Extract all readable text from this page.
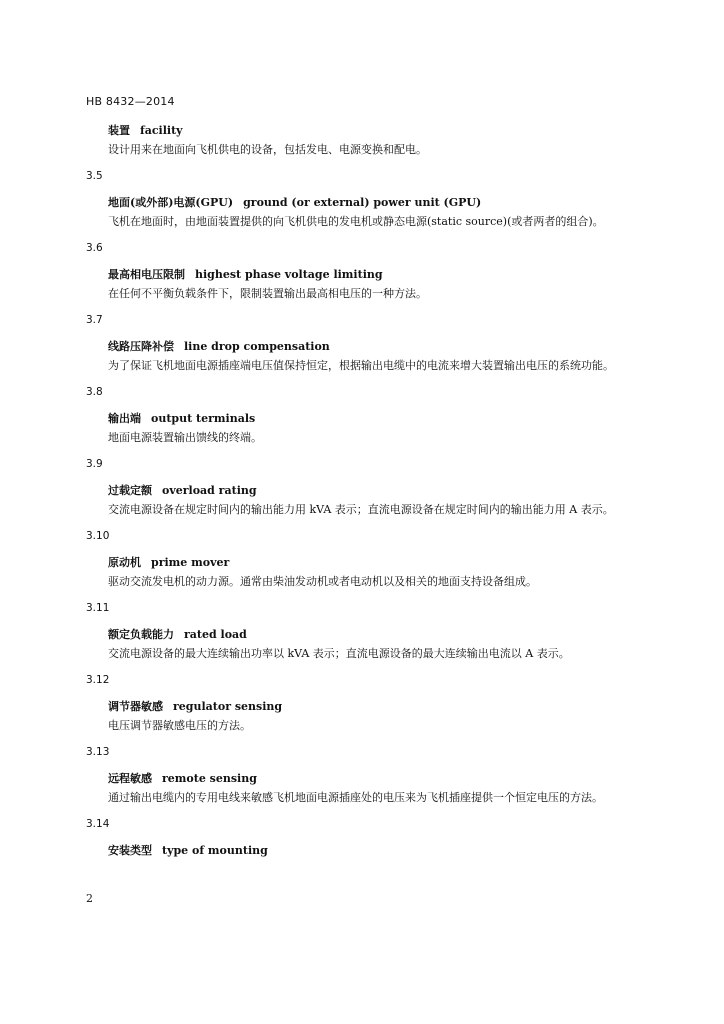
HB 8432—2014
装置 facility

设计用来在地面向飞机供电的设备，包括发电、电源变换和配电。

3.5
地面(或外部)电源(GPU) ground (or external) power unit (GPU)

飞机在地面时，由地面装置提供的向飞机供电的发电机或静态电源(static source)(或者两者的组合)。

3.6
最高相电压限制 highest phase voltage limiting

在任何不平衡负载条件下，限制装置输出最高相电压的一种方法。

3.7
线路压降补偿 line drop compensation

为了保证飞机地面电源插座端电压值保持恒定，根据输出电缆中的电流来增大装置输出电压的系统功能。

3.8
输出端 output terminals

地面电源装置输出馈线的终端。

3.9
过载定额 overload rating

交流电源设备在规定时间内的输出能力用 kVA 表示；直流电源设备在规定时间内的输出能力用 A 表示。

3.10
原动机 prime mover

驱动交流发电机的动力源。通常由柴油发动机或者电动机以及相关的地面支持设备组成。

3.11
额定负载能力 rated load

交流电源设备的最大连续输出功率以 kVA 表示；直流电源设备的最大连续输出电流以 A 表示。

3.12
调节器敏感 regulator sensing

电压调节器敏感电压的方法。

3.13
远程敏感 remote sensing

通过输出电缆内的专用电线来敏感飞机地面电源插座处的电压来为飞机插座提供一个恒定电压的方法。

3.14
安装类型 type of mounting
2
